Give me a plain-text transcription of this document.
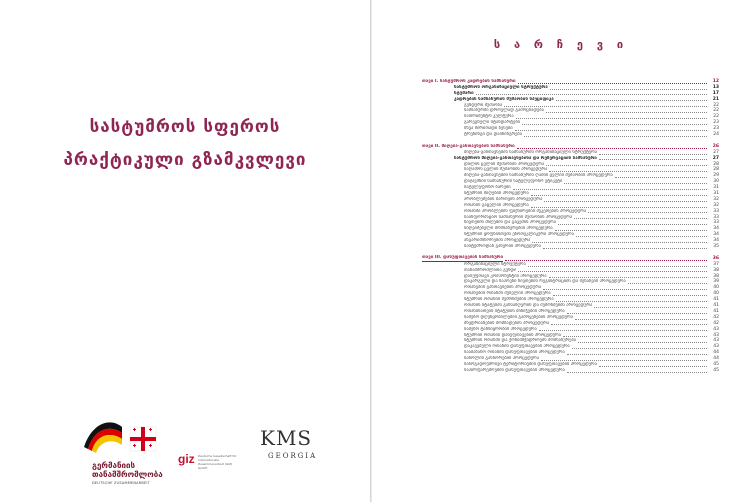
სასტუმროს სფეროს
პრაქტიკული გზამკვლევი
გერმანიის თანამშრომლობა
DEUTSCHE ZUSAMMENARBEIT
giz Deutsche Gesellschaft für Internationale Zusammenarbeit (GIZ) GmbH
KMS
GEORGIA
ს ა რ ჩ ე ვ ი
თავი I. სასტუმროს კადრების სამსახური	12
სასტუმროს ორგანიზაციული სტრუქტურა	13
სტუმარი	17
კადრების სამსახურის მუშაობის სპეციფიკა	21
გუნდური მუშაობა	22
სამსახურში დროულად გამოცხადება	22
სათრიმენტო კულტურა	22
გარეგნული სტანდარტები	23
სხვა ძირითადი წესები	23
ტრენინგი და დაინინგრება	24
თავი II. მიღება-განთავსების სამსახური	26
მიღება-განთავსების სამსახურის ორგანიზაციული სტრუქტურა	27
სასტუმროს მიღება-განთავსებისა და რეზერვაციის სამსახური	27
დილის ცვლის მუშაობის პროცედურა	28
საღამოს ცვლის მუშაობის პროცედურა	28
მიღება-განთავსების სამსახურის ღამის ცვლის მუშაობის პროცედურა	29
დაჯავშნის სამსახურის სატელეფონო ეტიკეტი	30
სატელეფონო ზარები	31
სტუმრის მიღების პროცედურა	31
პრობლემების მართვის პროცედურა	32
ოთახის გაცვლის პროცედურა	32
ოთახში პრობლემის ფიქსირების შეკეთების პროცედურა	33
საინფორმაციო სამსახურის მუშაობის პროცედურა	33
ნივთების მიღების და გაცემის პროცედურა	33
სიღვიძებელი მომსახურების პროცედურა	34
სტუმრის ყოფნისთვის ეზოთეკლიკური პროცედურა	34
ანგარიშსწორების პროცედურა	34
სასტუმროდან გაწერის პროცედურა	35
თავი III. დასუფთავების სამსახური	36
ორგანიზაციული სტრუქტურა	37
თანამშრომლითა გუნდი	38
დასუფთავი კომპონენტის პროცედურა	38
დაკარგული და ნაპოვნი ნივთების რეგისტრაციის და შენახვის პროცედურა	39
ოთახების განთავსების პროცედურა	40
ოთახების ოთახში შესვლის პროცედურა	40
სტუმრის ოთახის შემოწმების პროცედურა	41
ოთახის სტატუსის განსაზღვრის და შემოწმების პროცედურა	41
ოთახისათვის სტატუსის მინიჭების პროცედურა	41
სამეზო დღეწყობილების გამოყენების პროცედურა	42
მხედრიანების მომზადების პროცედურა	42
სამეზო ტანსიყრობის პროცედურა	43
სტუმრის ოთახის დასუფთავების პროცედურა	43
სტუმრის ოთახში და ქოჩიშმჭიდროებს მომსახურება	43
დაკავებული ოთახის დასუფთავების პროცედურა	43
სააბაზანო ოთახის დასუფთავების პროცედურა	44
საწოლის გასწორების პროცედურა	44
საზოგადოებრივი ტერიტორიების დასუფთავების პროცედურა	45
საპირფარეშოების დასუფთავების პროცედურა	45
